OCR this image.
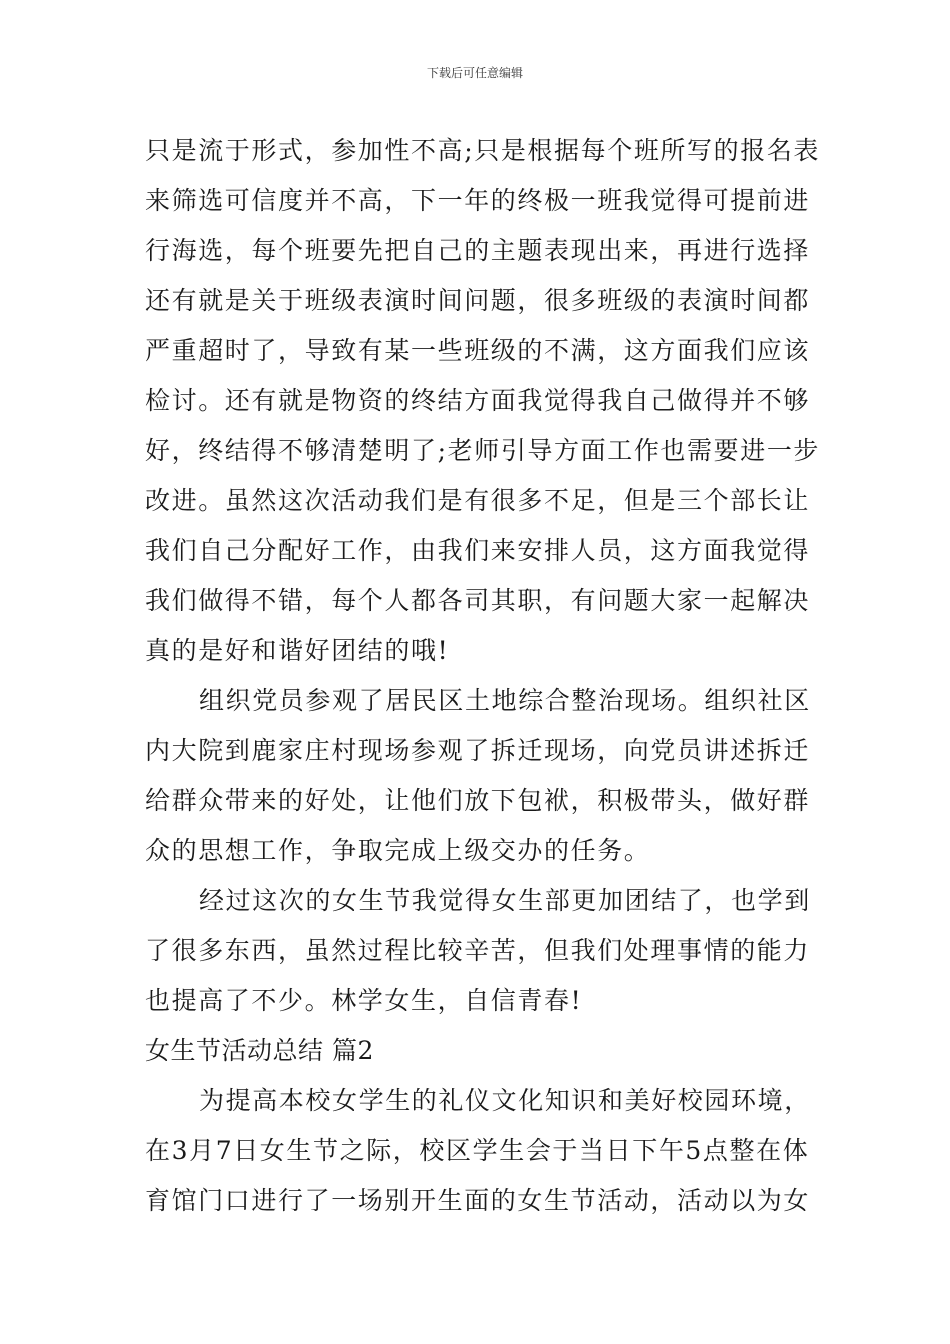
下载后可任意编辑
只是流于形式，参加性不高;只是根据每个班所写的报名表
来筛选可信度并不高，下一年的终极一班我觉得可提前进
行海选，每个班要先把自己的主题表现出来，再进行选择
还有就是关于班级表演时间问题，很多班级的表演时间都
严重超时了，导致有某一些班级的不满，这方面我们应该
检讨。还有就是物资的终结方面我觉得我自己做得并不够
好，终结得不够清楚明了;老师引导方面工作也需要进一步
改进。虽然这次活动我们是有很多不足，但是三个部长让
我们自己分配好工作，由我们来安排人员，这方面我觉得
我们做得不错，每个人都各司其职，有问题大家一起解决
真的是好和谐好团结的哦!
组织党员参观了居民区土地综合整治现场。组织社区
内大院到鹿家庄村现场参观了拆迁现场，向党员讲述拆迁
给群众带来的好处，让他们放下包袱，积极带头，做好群
众的思想工作，争取完成上级交办的任务。
经过这次的女生节我觉得女生部更加团结了，也学到
了很多东西，虽然过程比较辛苦，但我们处理事情的能力
也提高了不少。林学女生，自信青春!
女生节活动总结 篇2
为提高本校女学生的礼仪文化知识和美好校园环境，
在3月7日女生节之际，校区学生会于当日下午5点整在体
育馆门口进行了一场别开生面的女生节活动，活动以为女
